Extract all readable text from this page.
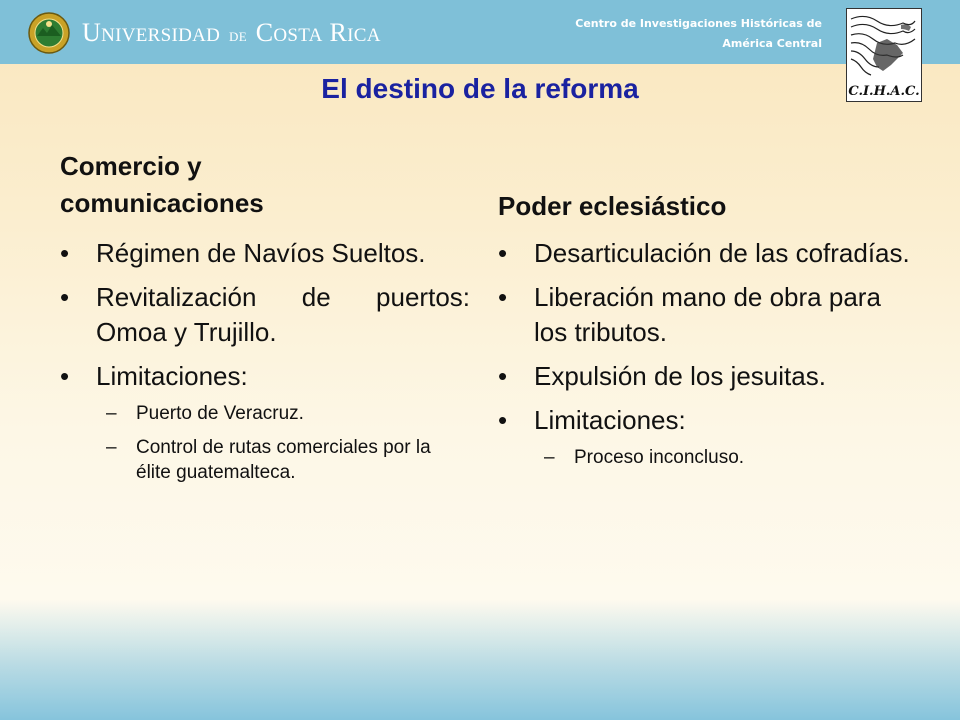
UNIVERSIDAD DE COSTA RICA
Centro de Investigaciones Históricas de
América Central
C.I.H.A.C.
El destino de la reforma
Comercio y
comunicaciones	Poder eclesiástico
• Régimen de Navíos Sueltos.
• Revitalización de puertos: Omoa y Trujillo.
• Limitaciones:
– Puerto de Veracruz.
– Control de rutas comerciales por la élite guatemalteca.
• Desarticulación de las cofradías.
• Liberación mano de obra para los tributos.
• Expulsión de los jesuitas.
• Limitaciones:
– Proceso inconcluso.
